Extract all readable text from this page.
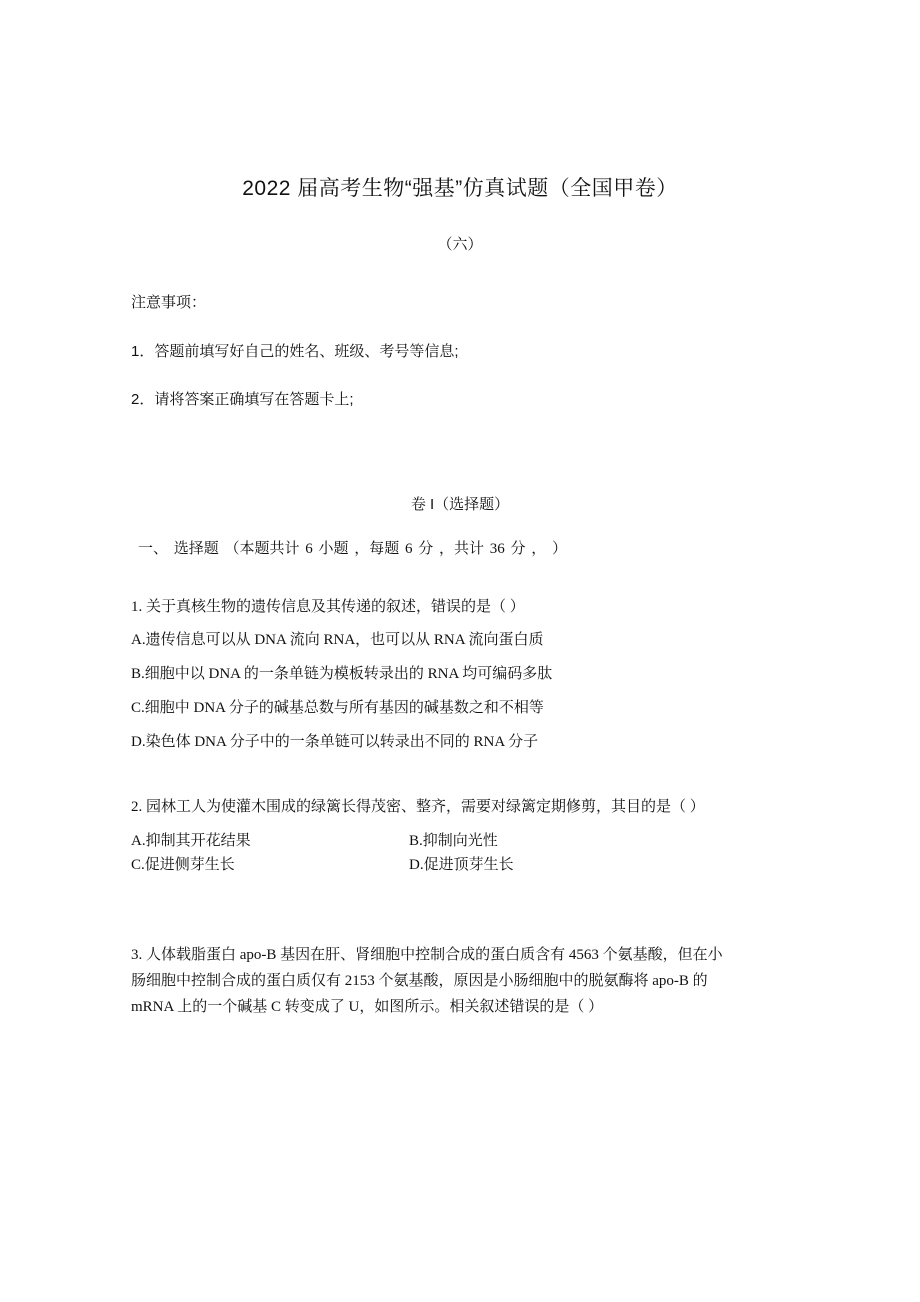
2022 届高考生物“强基”仿真试题（全国甲卷）
（六）
注意事项：
1．答题前填写好自己的姓名、班级、考号等信息;
2．请将答案正确填写在答题卡上;
卷 I（选择题）
一、 选择题 （本题共计 6 小题 ，每题 6 分 ，共计 36 分 ， ）
1. 关于真核生物的遗传信息及其传递的叙述，错误的是（ ）
A.遗传信息可以从 DNA 流向 RNA，也可以从 RNA 流向蛋白质
B.细胞中以 DNA 的一条单链为模板转录出的 RNA 均可编码多肽
C.细胞中 DNA 分子的碱基总数与所有基因的碱基数之和不相等
D.染色体 DNA 分子中的一条单链可以转录出不同的 RNA 分子
2. 园林工人为使灌木围成的绿篱长得茂密、整齐，需要对绿篱定期修剪，其目的是（ ）
A.抑制其开花结果	B.抑制向光性
C.促进侧芽生长	D.促进顶芽生长
3. 人体载脂蛋白 apo-B 基因在肝、肾细胞中控制合成的蛋白质含有 4563 个氨基酸，但在小
肠细胞中控制合成的蛋白质仅有 2153 个氨基酸，原因是小肠细胞中的脱氨酶将 apo-B 的
mRNA 上的一个碱基 C 转变成了 U，如图所示。相关叙述错误的是（ ）
